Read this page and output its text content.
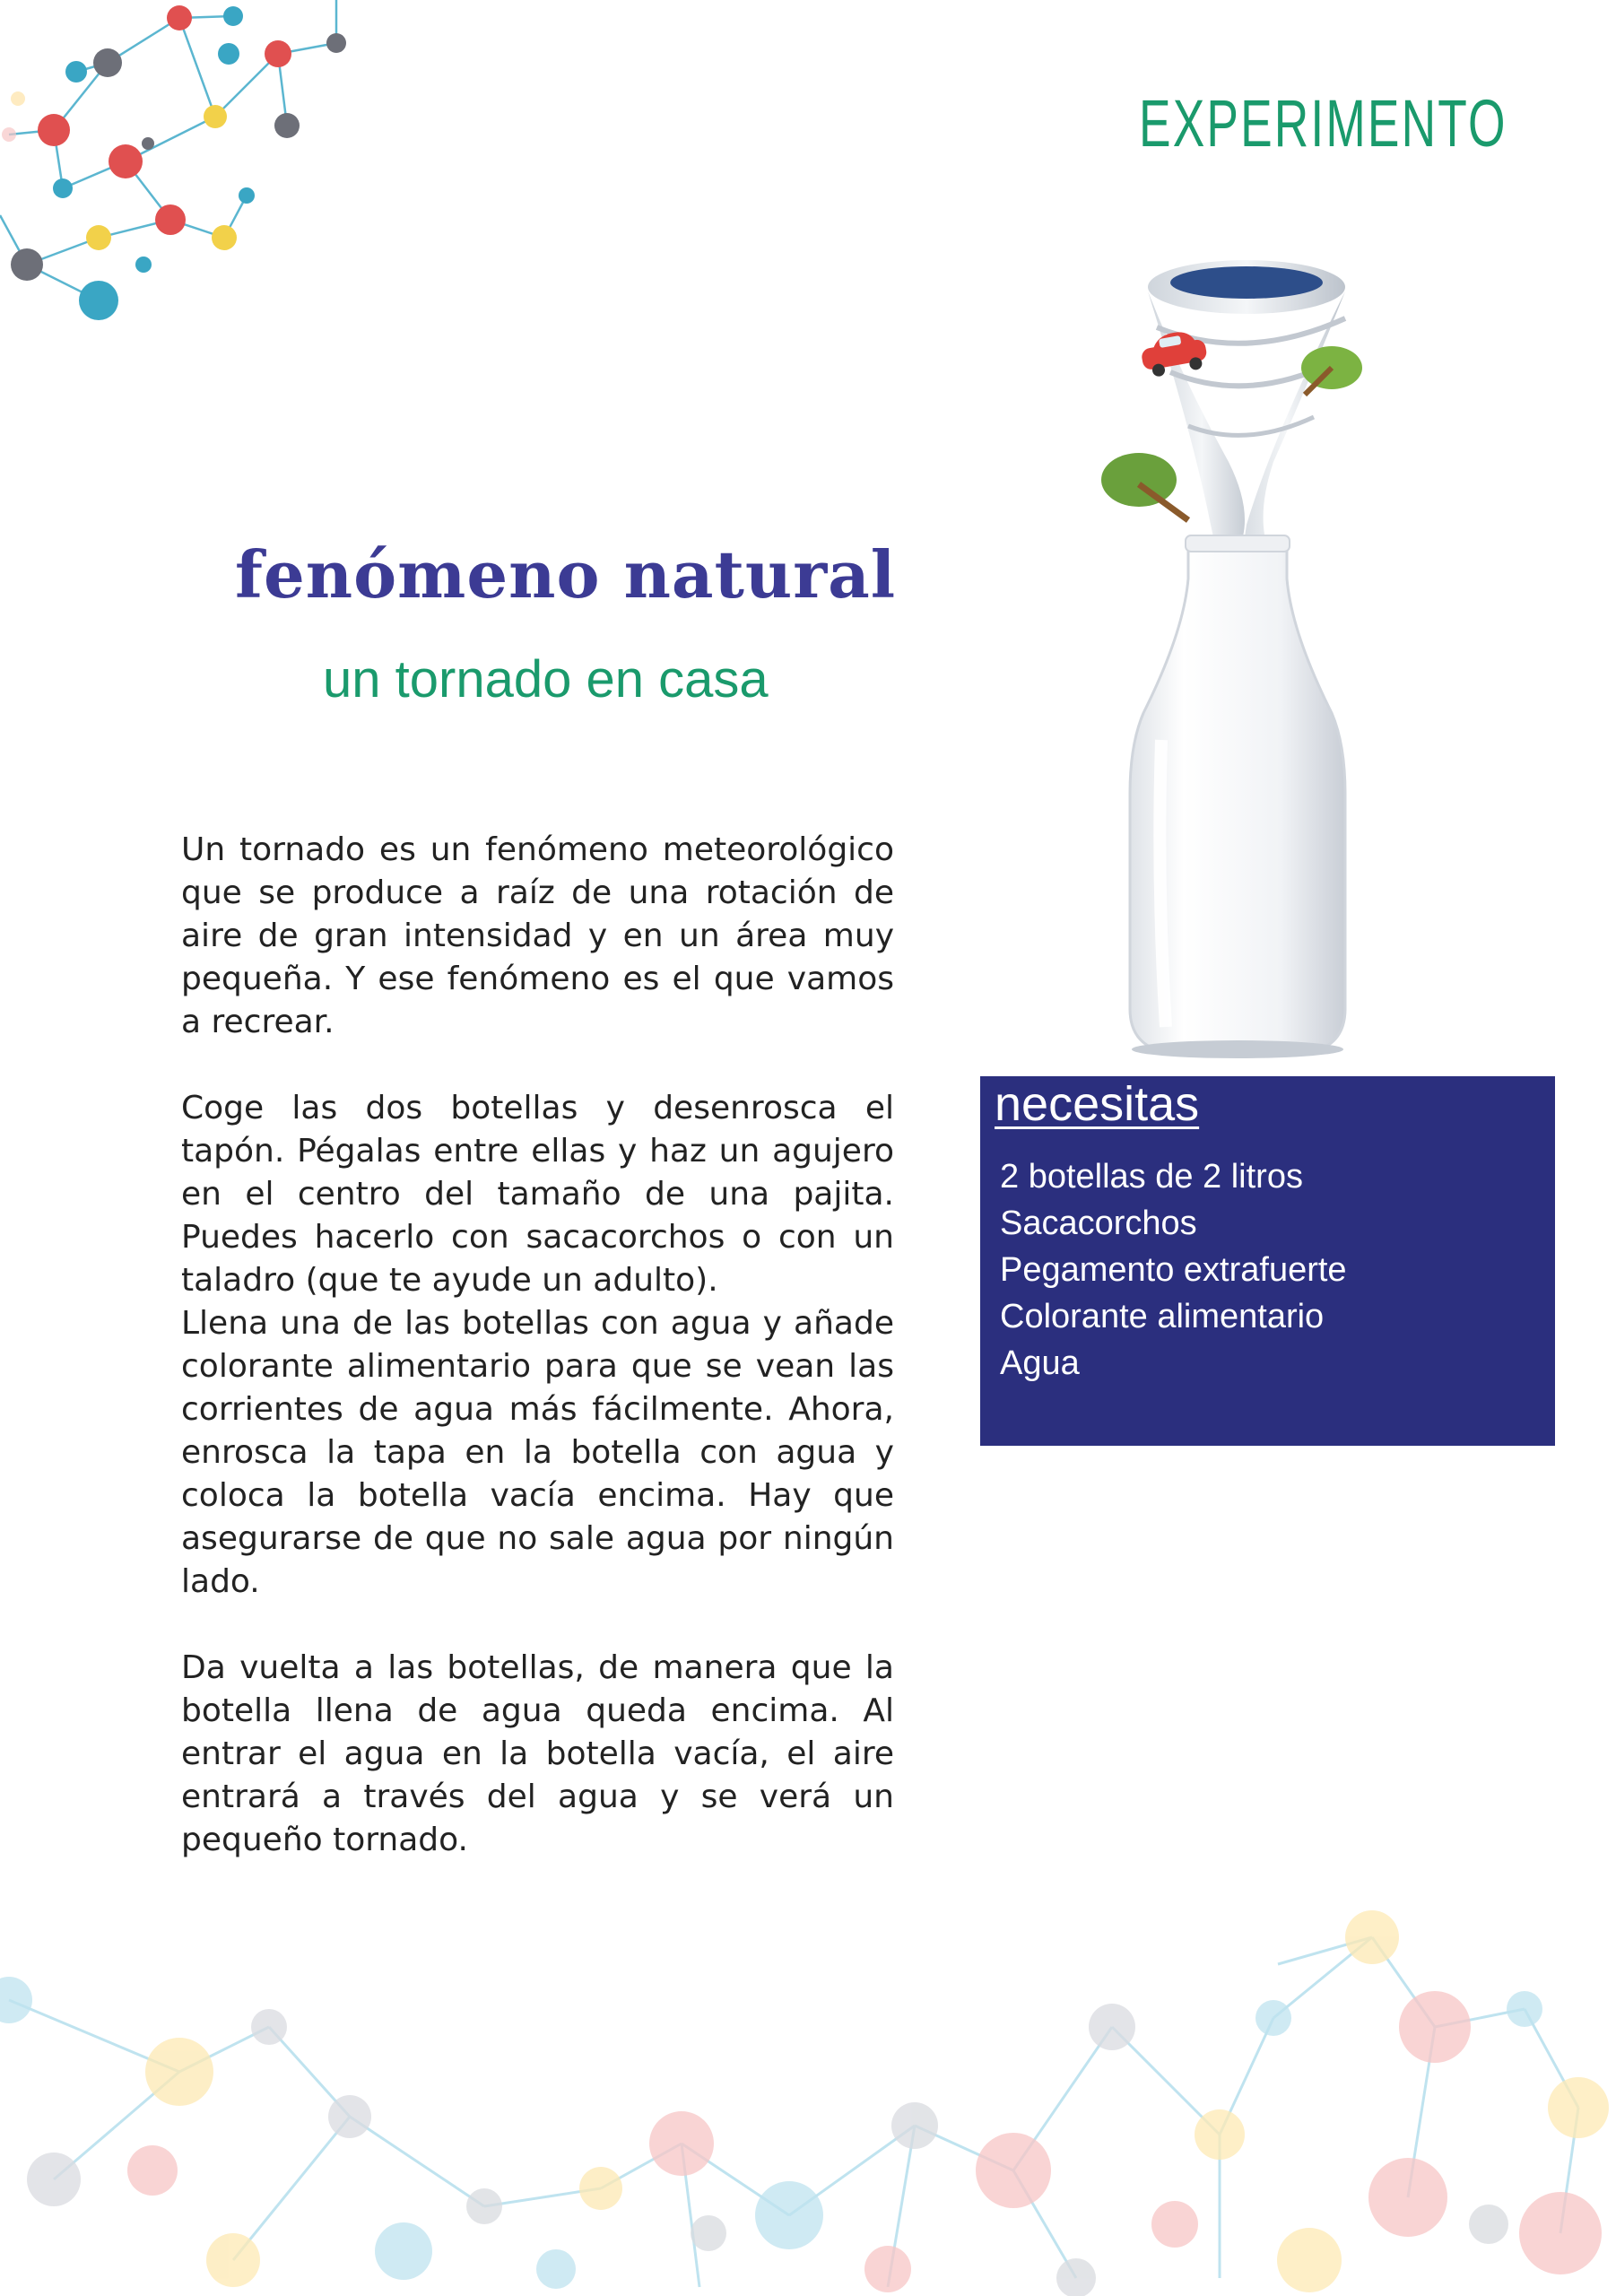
EXPERIMENTO
fenómeno natural
un tornado en casa

Un tornado es un fenómeno meteorológico que se produce a raíz de una rotación de aire de gran intensidad y en un área muy pequeña. Y ese fenómeno es el que vamos a recrear.

Coge las dos botellas y desenrosca el tapón. Pégalas entre ellas y haz un agujero en el centro del tamaño de una pajita. Puedes hacerlo con sacacorchos o con un taladro (que te ayude un adulto).

Llena una de las botellas con agua y añade colorante alimentario para que se vean las corrientes de agua más fácilmente. Ahora, enrosca la tapa en la botella con agua y coloca la botella vacía encima. Hay que asegurarse de que no sale agua por ningún lado.

Da vuelta a las botellas, de manera que la botella llena de agua queda encima. Al entrar el agua en la botella vacía, el aire entrará a través del agua y se verá un pequeño tornado.

necesitas
2 botellas de 2 litros
Sacacorchos
Pegamento extrafuerte
Colorante alimentario
Agua
